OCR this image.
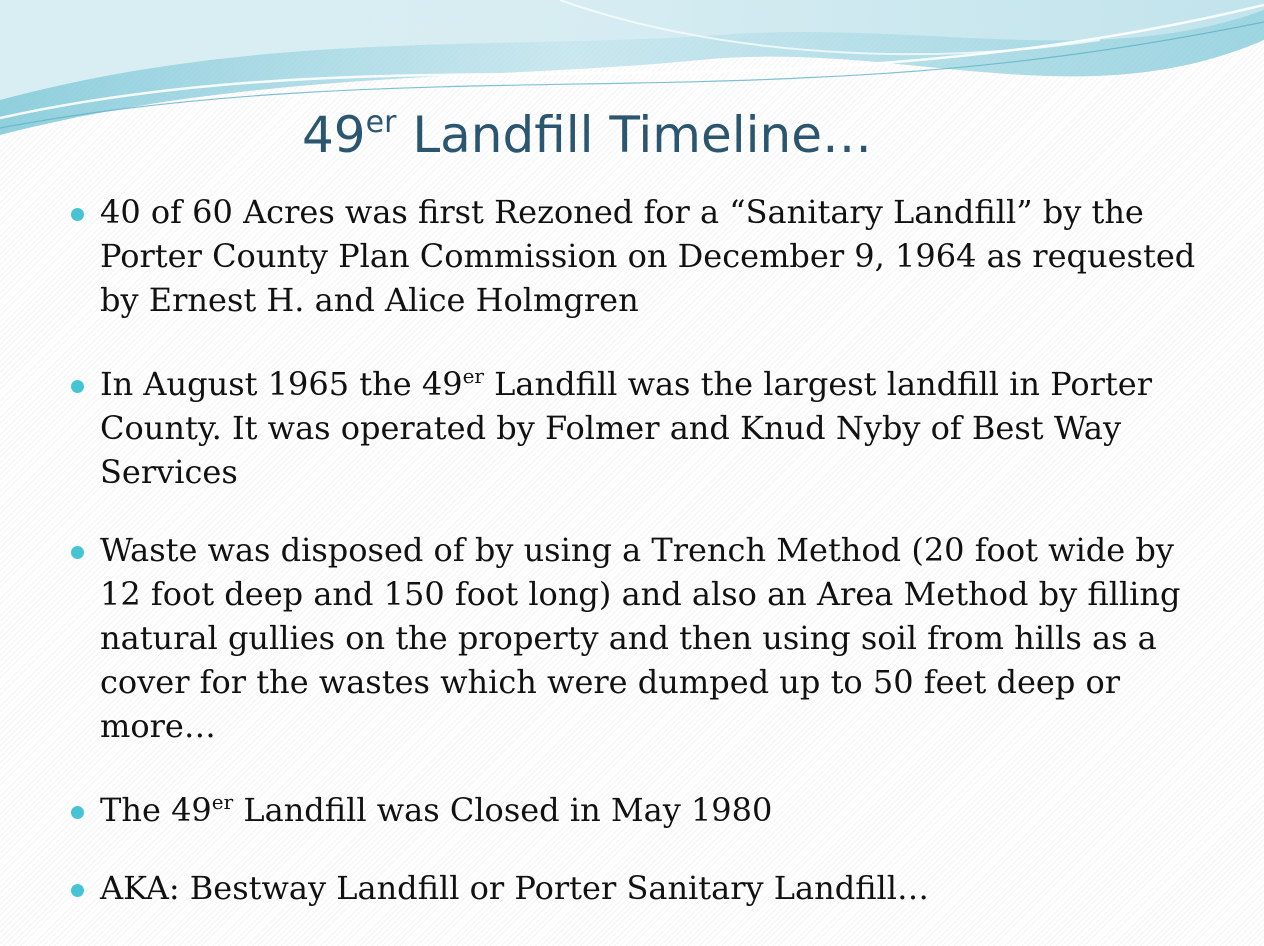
49er Landfill Timeline…
40 of 60 Acres was first Rezoned for a “Sanitary Landfill” by the Porter County Plan Commission on December 9, 1964 as requested by Ernest H. and Alice Holmgren
In August 1965 the 49er Landfill was the largest landfill in Porter County. It was operated by Folmer and Knud Nyby of Best Way Services
Waste was disposed of by using a Trench Method (20 foot wide by 12 foot deep and 150 foot long) and also an Area Method by filling natural gullies on the property and then using soil from hills as a cover for the wastes which were dumped up to 50 feet deep or more…
The 49er Landfill was Closed in May 1980
AKA: Bestway Landfill or Porter Sanitary Landfill…
